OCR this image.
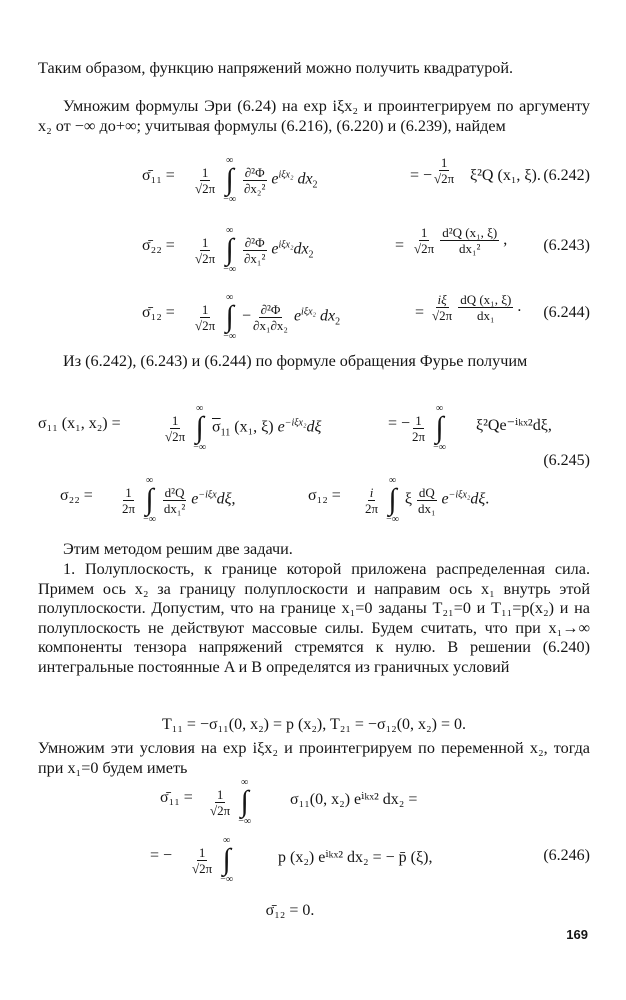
Таким образом, функцию напряжений можно получить квадратурой.
Умножим формулы Эри (6.24) на exp iξx₂ и проинтегрируем по аргументу x₂ от −∞ до+∞; учитывая формулы (6.216), (6.220) и (6.239), найдем
σ̄₁₁ = $\frac{1}{√2\pi}$

∞
∫
−∞

$\frac{\text{∂²Φ}}{\text{∂x₂²}} e^{i\xi x_2}$ $dx_2$
= − $\frac{1}{√2\pi} \xi^2Q$ (x₁, ξ). (6.242)
σ̄₂₂ = $\frac{1}{√2\pi}$

∞
∫
−∞

$\frac{\text{∂²Φ}}{\text{∂x₁²}} e^{i\xi x_2}dx_2$
= $\frac{1}{√2\pi}$
$\frac{\text{d²Q (x₁, ξ)}}{\text{dx₁²}}$ , (6.243)
σ̄₁₂ = $\frac{1}{√2\pi}$

∞
∫
−∞
− $\frac{\text{∂²Φ}}{\text{∂x₁∂x₂}} e^{i\xi x_2}$ $dx_2$
= $\frac{i\xi}{√2\pi}$
$\frac{\text{dQ (x₁, ξ)}}{\text{dx₁}}$ . (6.244)
Из (6.242), (6.243) и (6.244) по формуле обращения Фурье получим
σ₁₁ (x₁, x₂) =	$\frac{1}{√2\pi}$

∞
∫
−∞
$\overline{\sigma}_{11}$ (x₁, ξ) $e^{-i\xi x_2}d\xi$	= − $\frac{1}{2\pi}$

∞
∫
−∞
ξ²Qe⁻ⁱᵏˣ²dξ,
(6.245)
$\sigma_{22} = \frac{1}{2\pi}$

∞
∫
−∞

$\frac{\text{d²Q}}{\text{dx₁²}} e^{-i\xi x}d\xi$,	$\sigma_{12} = \frac{i}{2\pi}$

∞
∫
−∞
ξ $\frac{dQ}{\text{dx₁}} e^{-i\xi x_2}d\xi$.
Этим методом решим две задачи.
1. Полуплоскость, к границе которой приложена распределенная сила. Примем ось x₂ за границу полуплоскости и направим ось x₁ внутрь этой полуплоскости. Допустим, что на границе x₁=0 заданы T₂₁=0 и T₁₁=p(x₂) и на полуплоскость не действуют массовые силы. Будем считать, что при x₁→∞ компоненты тензора напряжений стремятся к нулю. В решении (6.240) интегральные постоянные A и B определятся из граничных условий
T₁₁ = −σ₁₁(0, x₂) = p (x₂), T₂₁ = −σ₁₂(0, x₂) = 0.
Умножим эти условия на exp iξx₂ и проинтегрируем по переменной x₂, тогда при x₁=0 будем иметь
σ̄₁₁ = $\frac{1}{√2\pi}$

∞
∫
−∞
σ₁₁(0, x₂) eⁱᵏˣ² dx₂ =
= − $\frac{1}{√2\pi}$

∞
∫
−∞
p (x₂) eⁱᵏˣ² dx₂ = − p̄ (ξ),	(6.246)
σ̄₁₂ = 0.
169
